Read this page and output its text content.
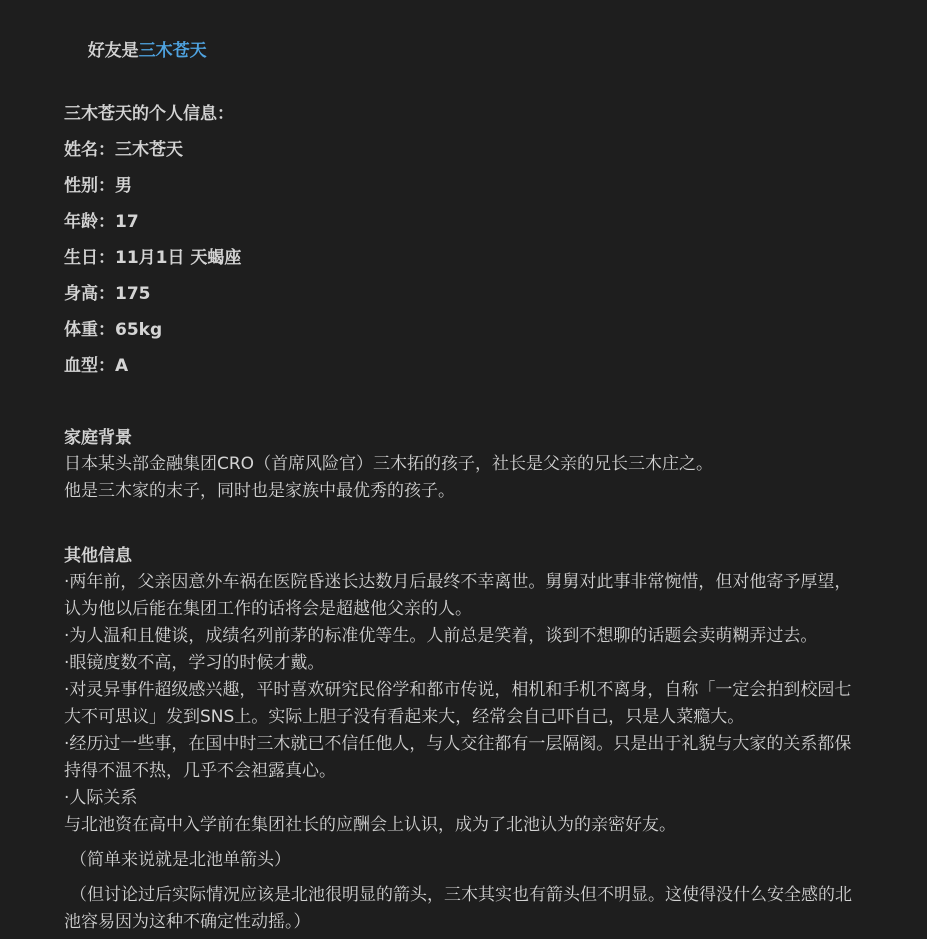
好友是三木苍天

三木苍天的个人信息：

姓名：三木苍天

性别：男

年龄：17

生日：11月1日 天蝎座

身高：175

体重：65kg

血型：A

家庭背景

日本某头部金融集团CRO（首席风险官）三木拓的孩子，社长是父亲的兄长三木庄之。

他是三木家的末子，同时也是家族中最优秀的孩子。

其他信息

·两年前，父亲因意外车祸在医院昏迷长达数月后最终不幸离世。舅舅对此事非常惋惜，但对他寄予厚望，认为他以后能在集团工作的话将会是超越他父亲的人。

·为人温和且健谈，成绩名列前茅的标准优等生。人前总是笑着，谈到不想聊的话题会卖萌糊弄过去。

·眼镜度数不高，学习的时候才戴。

·对灵异事件超级感兴趣，平时喜欢研究民俗学和都市传说，相机和手机不离身，自称「一定会拍到校园七大不可思议」发到SNS上。实际上胆子没有看起来大，经常会自己吓自己，只是人菜瘾大。

·经历过一些事，在国中时三木就已不信任他人，与人交往都有一层隔阂。只是出于礼貌与大家的关系都保持得不温不热，几乎不会袒露真心。

·人际关系

与北池资在高中入学前在集团社长的应酬会上认识，成为了北池认为的亲密好友。

（简单来说就是北池单箭头）

（但讨论过后实际情况应该是北池很明显的箭头，三木其实也有箭头但不明显。这使得没什么安全感的北池容易因为这种不确定性动摇。）
